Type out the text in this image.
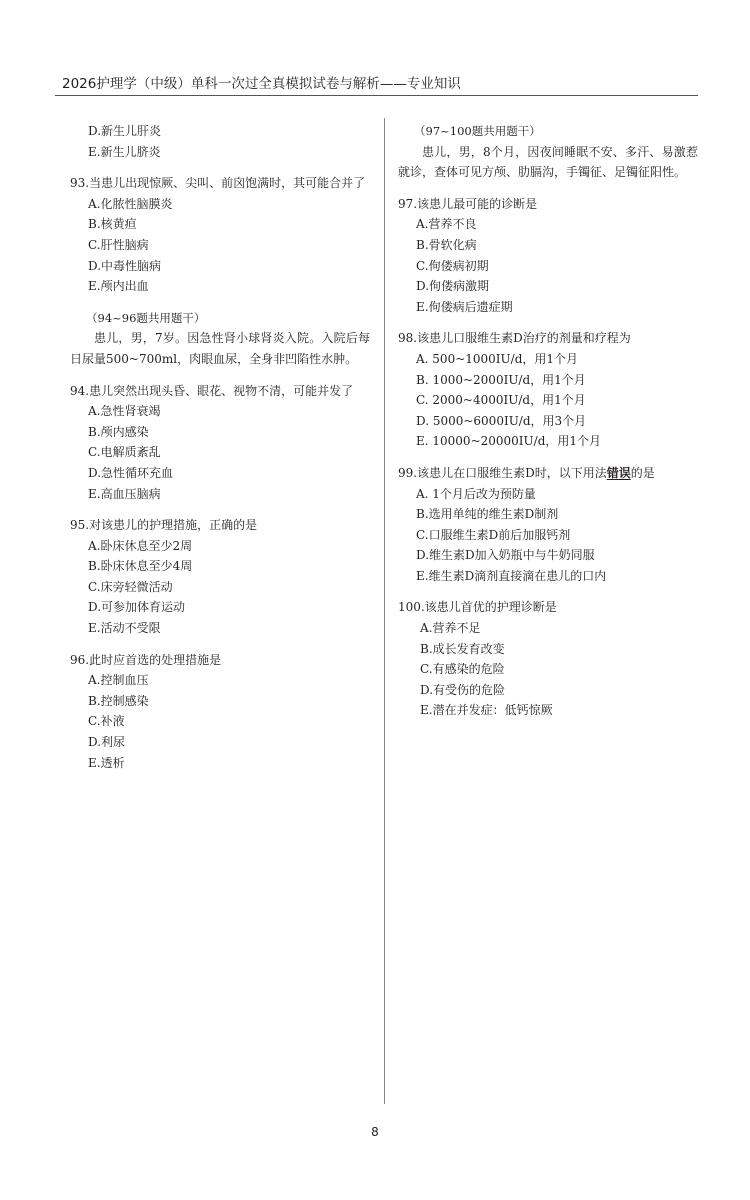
2026护理学（中级）单科一次过全真模拟试卷与解析——专业知识

D.新生儿肝炎

E.新生儿脐炎

93.当患儿出现惊厥、尖叫、前囟饱满时，其可能合并了

A.化脓性脑膜炎

B.核黄疸

C.肝性脑病

D.中毒性脑病

E.颅内出血

（94~96题共用题干）

患儿，男，7岁。因急性肾小球肾炎入院。入院后每日尿量500~700ml，肉眼血尿，全身非凹陷性水肿。

94.患儿突然出现头昏、眼花、视物不清，可能并发了

A.急性肾衰竭

B.颅内感染

C.电解质紊乱

D.急性循环充血

E.高血压脑病

95.对该患儿的护理措施，正确的是

A.卧床休息至少2周

B.卧床休息至少4周

C.床旁轻微活动

D.可参加体育运动

E.活动不受限

96.此时应首选的处理措施是

A.控制血压

B.控制感染

C.补液

D.利尿

E.透析

（97~100题共用题干）

患儿，男，8个月，因夜间睡眠不安、多汗、易激惹就诊，查体可见方颅、肋膈沟，手镯征、足镯征阳性。

97.该患儿最可能的诊断是

A.营养不良

B.骨软化病

C.佝偻病初期

D.佝偻病激期

E.佝偻病后遗症期

98.该患儿口服维生素D治疗的剂量和疗程为

A. 500~1000IU/d，用1个月

B. 1000~2000IU/d，用1个月

C. 2000~4000IU/d，用1个月

D. 5000~6000IU/d，用3个月

E. 10000~20000IU/d，用1个月

99.该患儿在口服维生素D时，以下用法错误的是

A. 1个月后改为预防量

B.选用单纯的维生素D制剂

C.口服维生素D前后加服钙剂

D.维生素D加入奶瓶中与牛奶同服

E.维生素D滴剂直接滴在患儿的口内

100.该患儿首优的护理诊断是

A.营养不足

B.成长发育改变

C.有感染的危险

D.有受伤的危险

E.潜在并发症：低钙惊厥

8
